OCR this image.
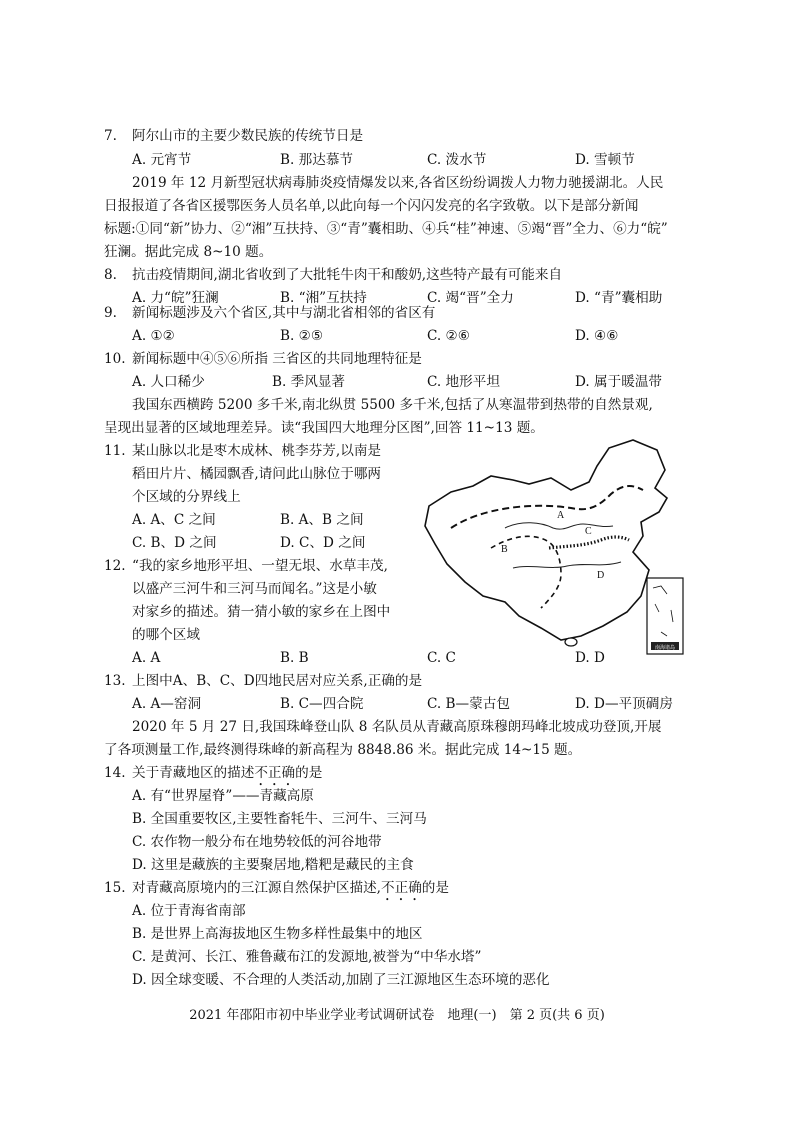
7. 阿尔山市的主要少数民族的传统节日是
A. 元宵节	B. 那达慕节	C. 泼水节	D. 雪顿节
2019 年 12 月新型冠状病毒肺炎疫情爆发以来,各省区纷纷调拨人力物力驰援湖北。人民
日报报道了各省区援鄂医务人员名单,以此向每一个闪闪发亮的名字致敬。以下是部分新闻
标题:①同“新”协力、②“湘”互扶持、③“青”囊相助、④兵“桂”神速、⑤竭“晋”全力、⑥力“皖”
狂澜。据此完成 8~10 题。
8. 抗击疫情期间,湖北省收到了大批牦牛肉干和酸奶,这些特产最有可能来自
A. 力“皖”狂澜	B. “湘”互扶持	C. 竭“晋”全力	D. “青”囊相助
9. 新闻标题涉及六个省区,其中与湖北省相邻的省区有
A. ①②	B. ②⑤	C. ②⑥	D. ④⑥
10. 新闻标题中④⑤⑥所指 三省区的共同地理特征是
A. 人口稀少	B. 季风显著	C. 地形平坦	D. 属于暖温带
我国东西横跨 5200 多千米,南北纵贯 5500 多千米,包括了从寒温带到热带的自然景观,
呈现出显著的区域地理差异。读“我国四大地理分区图”,回答 11~13 题。
11. 某山脉以北是枣木成林、桃李芬芳,以南是
稻田片片、橘园飘香,请问此山脉位于哪两
个区域的分界线上
A. A、C 之间	B. A、B 之间
C. B、D 之间	D. C、D 之间
12. “我的家乡地形平坦、一望无垠、水草丰茂,
以盛产三河牛和三河马而闻名。”这是小敏
对家乡的描述。猜一猜小敏的家乡在上图中
的哪个区域
A. A	B. B	C. C	D. D
13. 上图中A、B、C、D四地民居对应关系,正确的是
A. A—窑洞	B. C—四合院	C. B—蒙古包	D. D—平顶碉房
2020 年 5 月 27 日,我国珠峰登山队 8 名队员从青藏高原珠穆朗玛峰北坡成功登顶,开展
了各项测量工作,最终测得珠峰的新高程为 8848.86 米。据此完成 14~15 题。
14. 关于青藏地区的描述不正确的是
A. 有“世界屋脊”——青藏高原
B. 全国重要牧区,主要牲畜牦牛、三河牛、三河马
C. 农作物一般分布在地势较低的河谷地带
D. 这里是藏族的主要聚居地,糌粑是藏民的主食
15. 对青藏高原境内的三江源自然保护区描述,不正确的是
A. 位于青海省南部
B. 是世界上高海拔地区生物多样性最集中的地区
C. 是黄河、长江、雅鲁藏布江的发源地,被誉为“中华水塔”
D. 因全球变暖、不合理的人类活动,加剧了三江源地区生态环境的恶化
2021 年邵阳市初中毕业学业考试调研试卷　地理(一)　第 2 页(共 6 页)
A
B
C
D
南海诸岛
